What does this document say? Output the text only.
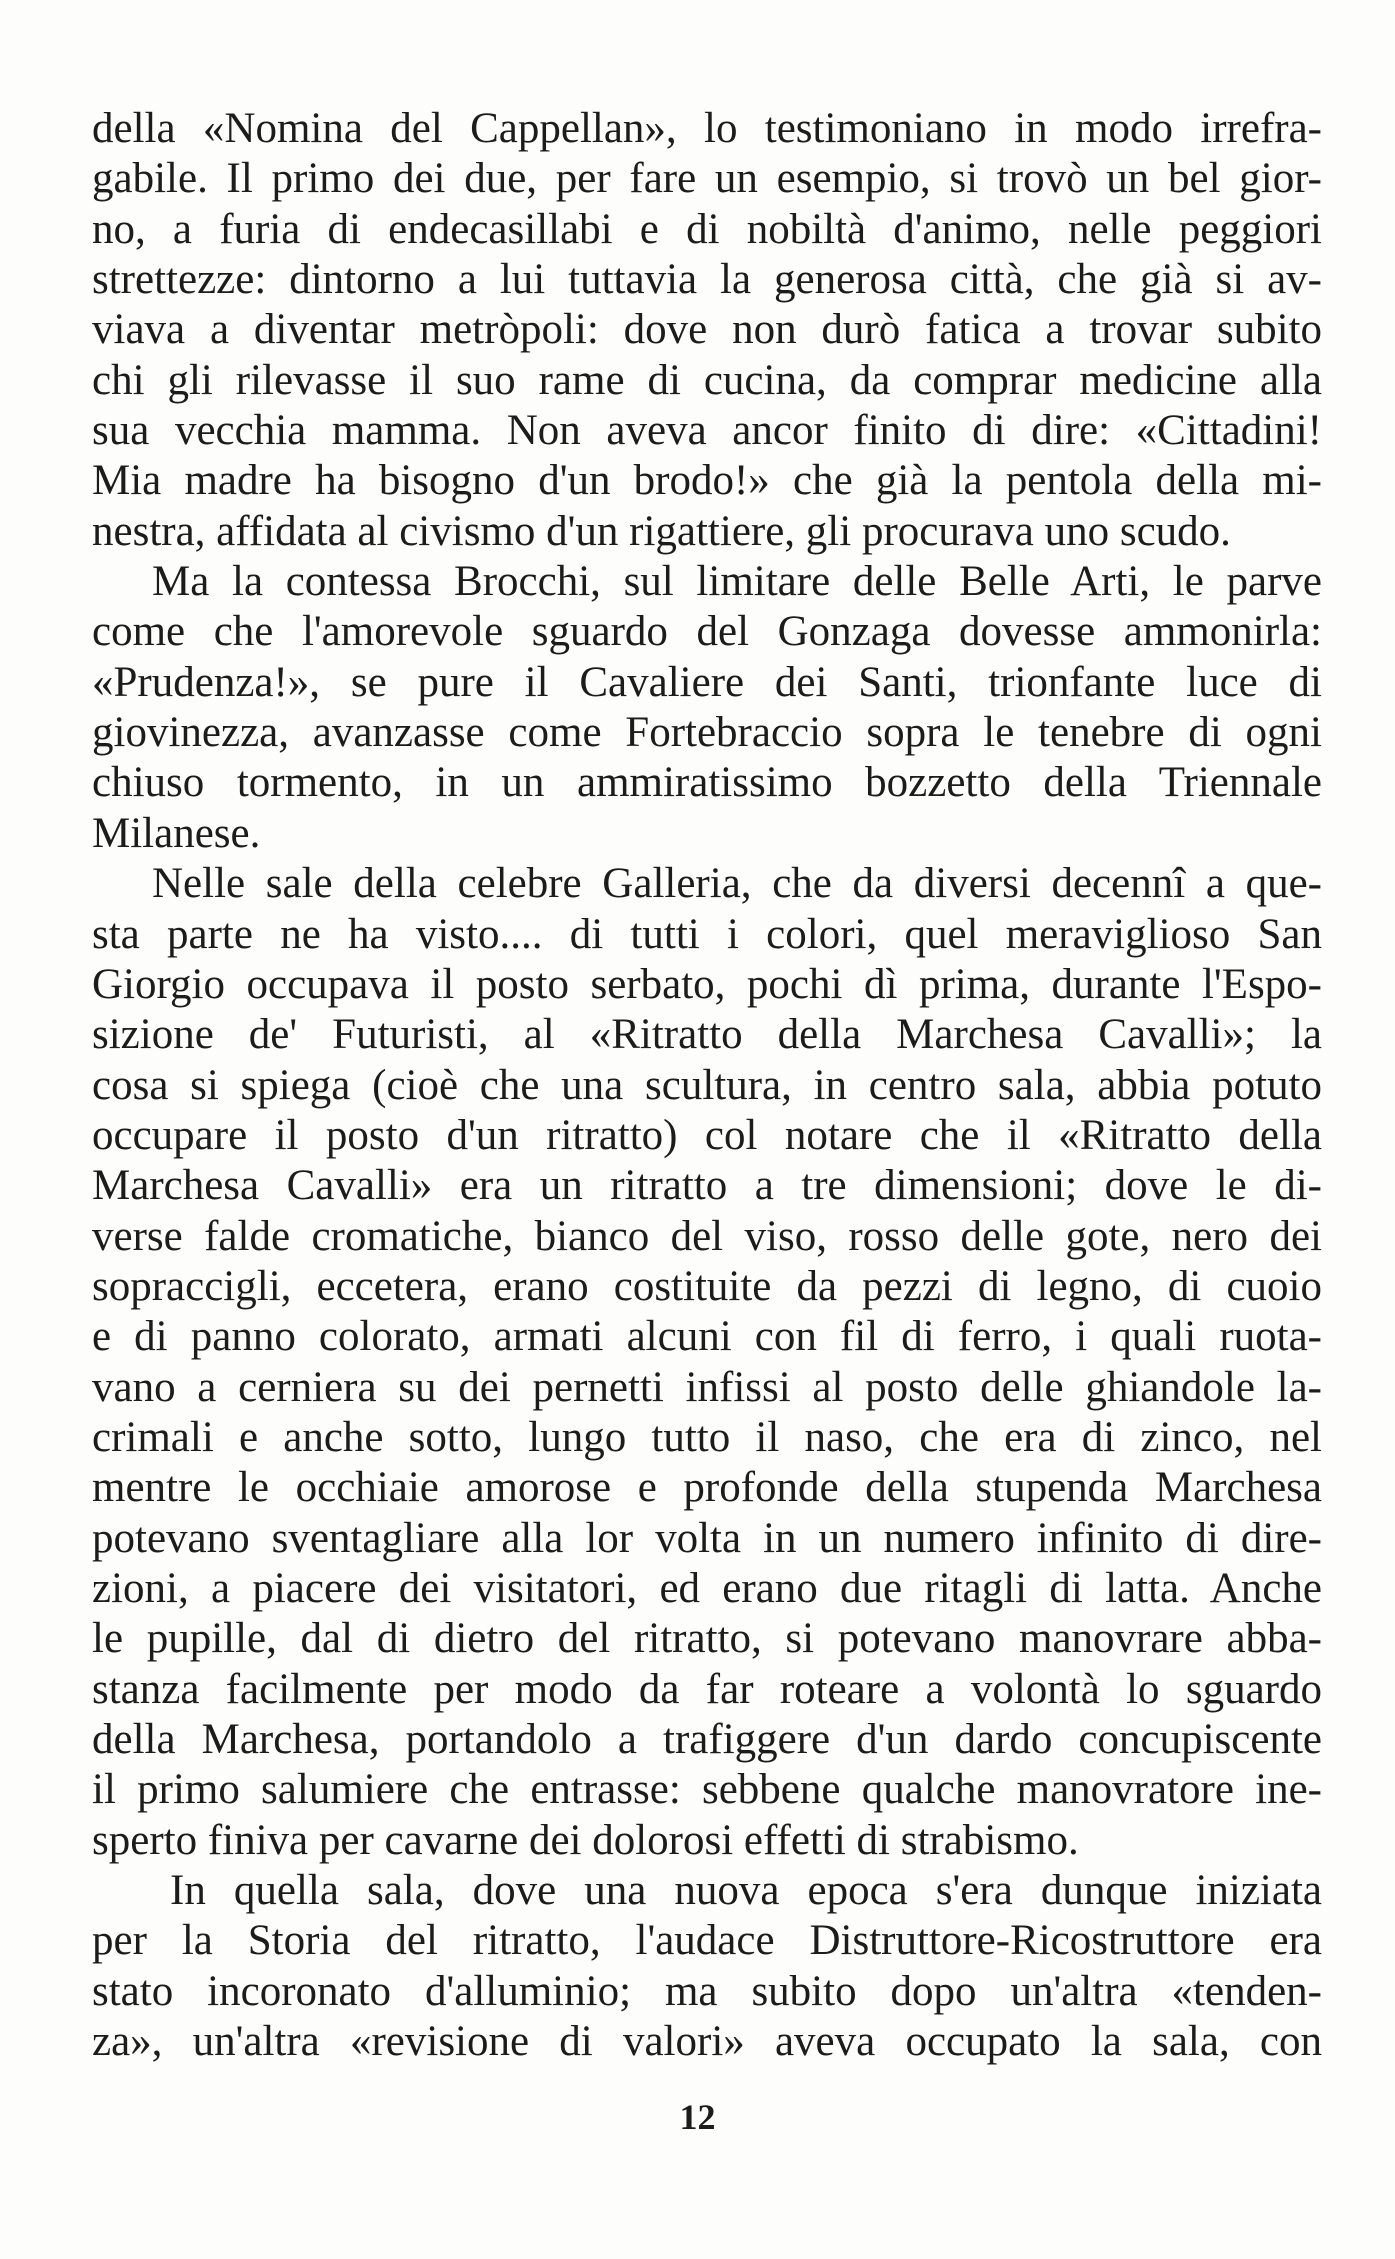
della «Nomina del Cappellan», lo testimoniano in modo irrefra-
gabile. Il primo dei due, per fare un esempio, si trovò un bel gior-
no, a furia di endecasillabi e di nobiltà d'animo, nelle peggiori
strettezze: dintorno a lui tuttavia la generosa città, che già si av-
viava a diventar metròpoli: dove non durò fatica a trovar subito
chi gli rilevasse il suo rame di cucina, da comprar medicine alla
sua vecchia mamma. Non aveva ancor finito di dire: «Cittadini!
Mia madre ha bisogno d'un brodo!» che già la pentola della mi-
nestra, affidata al civismo d'un rigattiere, gli procurava uno scudo.
Ma la contessa Brocchi, sul limitare delle Belle Arti, le parve
come che l'amorevole sguardo del Gonzaga dovesse ammonirla:
«Prudenza!», se pure il Cavaliere dei Santi, trionfante luce di
giovinezza, avanzasse come Fortebraccio sopra le tenebre di ogni
chiuso tormento, in un ammiratissimo bozzetto della Triennale
Milanese.
Nelle sale della celebre Galleria, che da diversi decennî a que-
sta parte ne ha visto.... di tutti i colori, quel meraviglioso San
Giorgio occupava il posto serbato, pochi dì prima, durante l'Espo-
sizione de' Futuristi, al «Ritratto della Marchesa Cavalli»; la
cosa si spiega (cioè che una scultura, in centro sala, abbia potuto
occupare il posto d'un ritratto) col notare che il «Ritratto della
Marchesa Cavalli» era un ritratto a tre dimensioni; dove le di-
verse falde cromatiche, bianco del viso, rosso delle gote, nero dei
sopraccigli, eccetera, erano costituite da pezzi di legno, di cuoio
e di panno colorato, armati alcuni con fil di ferro, i quali ruota-
vano a cerniera su dei pernetti infissi al posto delle ghiandole la-
crimali e anche sotto, lungo tutto il naso, che era di zinco, nel
mentre le occhiaie amorose e profonde della stupenda Marchesa
potevano sventagliare alla lor volta in un numero infinito di dire-
zioni, a piacere dei visitatori, ed erano due ritagli di latta. Anche
le pupille, dal di dietro del ritratto, si potevano manovrare abba-
stanza facilmente per modo da far roteare a volontà lo sguardo
della Marchesa, portandolo a trafiggere d'un dardo concupiscente
il primo salumiere che entrasse: sebbene qualche manovratore ine-
sperto finiva per cavarne dei dolorosi effetti di strabismo.
In quella sala, dove una nuova epoca s'era dunque iniziata
per la Storia del ritratto, l'audace Distruttore-Ricostruttore era
stato incoronato d'alluminio; ma subito dopo un'altra «tenden-
za», un'altra «revisione di valori» aveva occupato la sala, con
12
